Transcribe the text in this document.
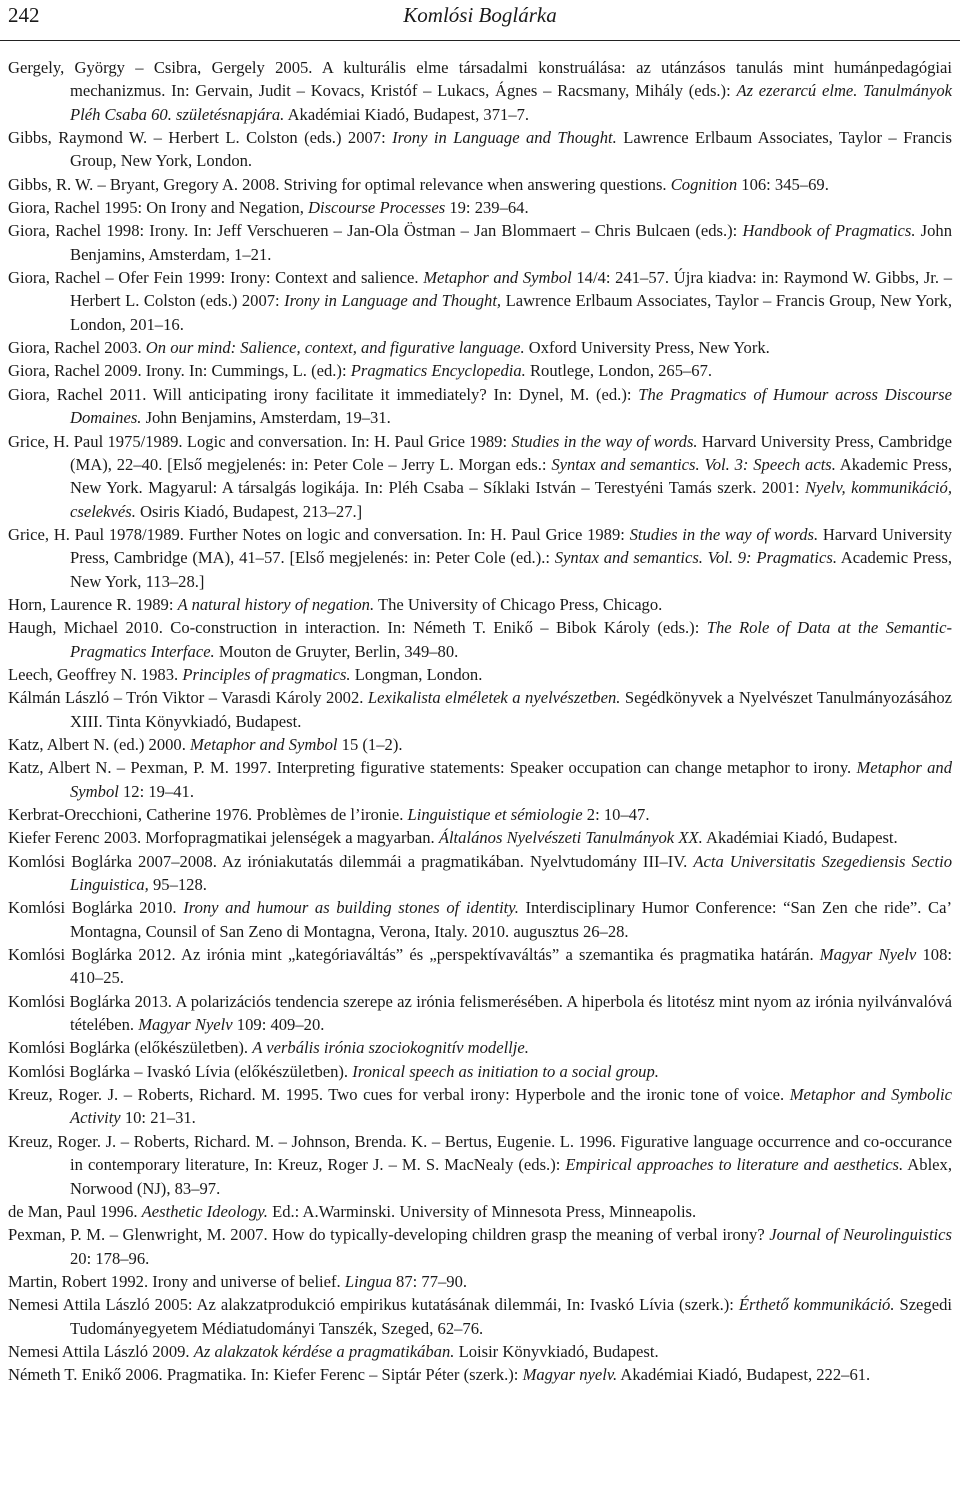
242	Komlósi Boglárka
Gergely, György – Csibra, Gergely 2005. A kulturális elme társadalmi konstruálása: az utánzásos tanulás mint humánpedagógiai mechanizmus. In: Gervain, Judit – Kovacs, Kristóf – Lukacs, Ágnes – Racsmany, Mihály (eds.): Az ezerarcú elme. Tanulmányok Pléh Csaba 60. születésnapjára. Akadémiai Kiadó, Budapest, 371–7.
Gibbs, Raymond W. – Herbert L. Colston (eds.) 2007: Irony in Language and Thought. Lawrence Erlbaum Associates, Taylor – Francis Group, New York, London.
Gibbs, R. W. – Bryant, Gregory A. 2008. Striving for optimal relevance when answering questions. Cognition 106: 345–69.
Giora, Rachel 1995: On Irony and Negation, Discourse Processes 19: 239–64.
Giora, Rachel 1998: Irony. In: Jeff Verschueren – Jan-Ola Östman – Jan Blommaert – Chris Bulcaen (eds.): Handbook of Pragmatics. John Benjamins, Amsterdam, 1–21.
Giora, Rachel – Ofer Fein 1999: Irony: Context and salience. Metaphor and Symbol 14/4: 241–57. Újra kiadva: in: Raymond W. Gibbs, Jr. – Herbert L. Colston (eds.) 2007: Irony in Language and Thought, Lawrence Erlbaum Associates, Taylor – Francis Group, New York, London, 201–16.
Giora, Rachel 2003. On our mind: Salience, context, and figurative language. Oxford University Press, New York.
Giora, Rachel 2009. Irony. In: Cummings, L. (ed.): Pragmatics Encyclopedia. Routlege, London, 265–67.
Giora, Rachel 2011. Will anticipating irony facilitate it immediately? In: Dynel, M. (ed.): The Pragmatics of Humour across Discourse Domaines. John Benjamins, Amsterdam, 19–31.
Grice, H. Paul 1975/1989. Logic and conversation. In: H. Paul Grice 1989: Studies in the way of words. Harvard University Press, Cambridge (MA), 22–40. [Első megjelenés: in: Peter Cole – Jerry L. Morgan eds.: Syntax and semantics. Vol. 3: Speech acts. Akademic Press, New York. Magyarul: A társalgás logikája. In: Pléh Csaba – Síklaki István – Terestyéni Tamás szerk. 2001: Nyelv, kommunikáció, cselekvés. Osiris Kiadó, Budapest, 213–27.]
Grice, H. Paul 1978/1989. Further Notes on logic and conversation. In: H. Paul Grice 1989: Studies in the way of words. Harvard University Press, Cambridge (MA), 41–57. [Első megjelenés: in: Peter Cole (ed.).: Syntax and semantics. Vol. 9: Pragmatics. Academic Press, New York, 113–28.]
Horn, Laurence R. 1989: A natural history of negation. The University of Chicago Press, Chicago.
Haugh, Michael 2010. Co-construction in interaction. In: Németh T. Enikő – Bibok Károly (eds.): The Role of Data at the Semantic-Pragmatics Interface. Mouton de Gruyter, Berlin, 349–80.
Leech, Geoffrey N. 1983. Principles of pragmatics. Longman, London.
Kálmán László – Trón Viktor – Varasdi Károly 2002. Lexikalista elméletek a nyelvészetben. Segédkönyvek a Nyelvészet Tanulmányozásához XIII. Tinta Könyvkiadó, Budapest.
Katz, Albert N. (ed.) 2000. Metaphor and Symbol 15 (1–2).
Katz, Albert N. – Pexman, P. M. 1997. Interpreting figurative statements: Speaker occupation can change metaphor to irony. Metaphor and Symbol 12: 19–41.
Kerbrat-Orecchioni, Catherine 1976. Problèmes de l’ironie. Linguistique et sémiologie 2: 10–47.
Kiefer Ferenc 2003. Morfopragmatikai jelenségek a magyarban. Általános Nyelvészeti Tanulmányok XX. Akadémiai Kiadó, Budapest.
Komlósi Boglárka 2007–2008. Az iróniakutatás dilemmái a pragmatikában. Nyelvtudomány III–IV. Acta Universitatis Szegediensis Sectio Linguistica, 95–128.
Komlósi Boglárka 2010. Irony and humour as building stones of identity. Interdisciplinary Humor Conference: “San Zen che ride”. Ca’ Montagna, Counsil of San Zeno di Montagna, Verona, Italy. 2010. augusztus 26–28.
Komlósi Boglárka 2012. Az irónia mint „kategóriaváltás” és „perspektívaváltás” a szemantika és pragmatika határán. Magyar Nyelv 108: 410–25.
Komlósi Boglárka 2013. A polarizációs tendencia szerepe az irónia felismerésében. A hiperbola és litotész mint nyom az irónia nyilvánvalóvá tételében. Magyar Nyelv 109: 409–20.
Komlósi Boglárka (előkészületben). A verbális irónia szociokognitív modellje.
Komlósi Boglárka – Ivaskó Lívia (előkészületben). Ironical speech as initiation to a social group.
Kreuz, Roger. J. – Roberts, Richard. M. 1995. Two cues for verbal irony: Hyperbole and the ironic tone of voice. Metaphor and Symbolic Activity 10: 21–31.
Kreuz, Roger. J. – Roberts, Richard. M. – Johnson, Brenda. K. – Bertus, Eugenie. L. 1996. Figurative language occurrence and co-occurance in contemporary literature, In: Kreuz, Roger J. – M. S. MacNealy (eds.): Empirical approaches to literature and aesthetics. Ablex, Norwood (NJ), 83–97.
de Man, Paul 1996. Aesthetic Ideology. Ed.: A.Warminski. University of Minnesota Press, Minneapolis.
Pexman, P. M. – Glenwright, M. 2007. How do typically-developing children grasp the meaning of verbal irony? Journal of Neurolinguistics 20: 178–96.
Martin, Robert 1992. Irony and universe of belief. Lingua 87: 77–90.
Nemesi Attila László 2005: Az alakzatprodukció empirikus kutatásának dilemmái, In: Ivaskó Lívia (szerk.): Érthető kommunikáció. Szegedi Tudományegyetem Médiatudományi Tanszék, Szeged, 62–76.
Nemesi Attila László 2009. Az alakzatok kérdése a pragmatikában. Loisir Könyvkiadó, Budapest.
Németh T. Enikő 2006. Pragmatika. In: Kiefer Ferenc – Siptár Péter (szerk.): Magyar nyelv. Akadémiai Kiadó, Budapest, 222–61.
